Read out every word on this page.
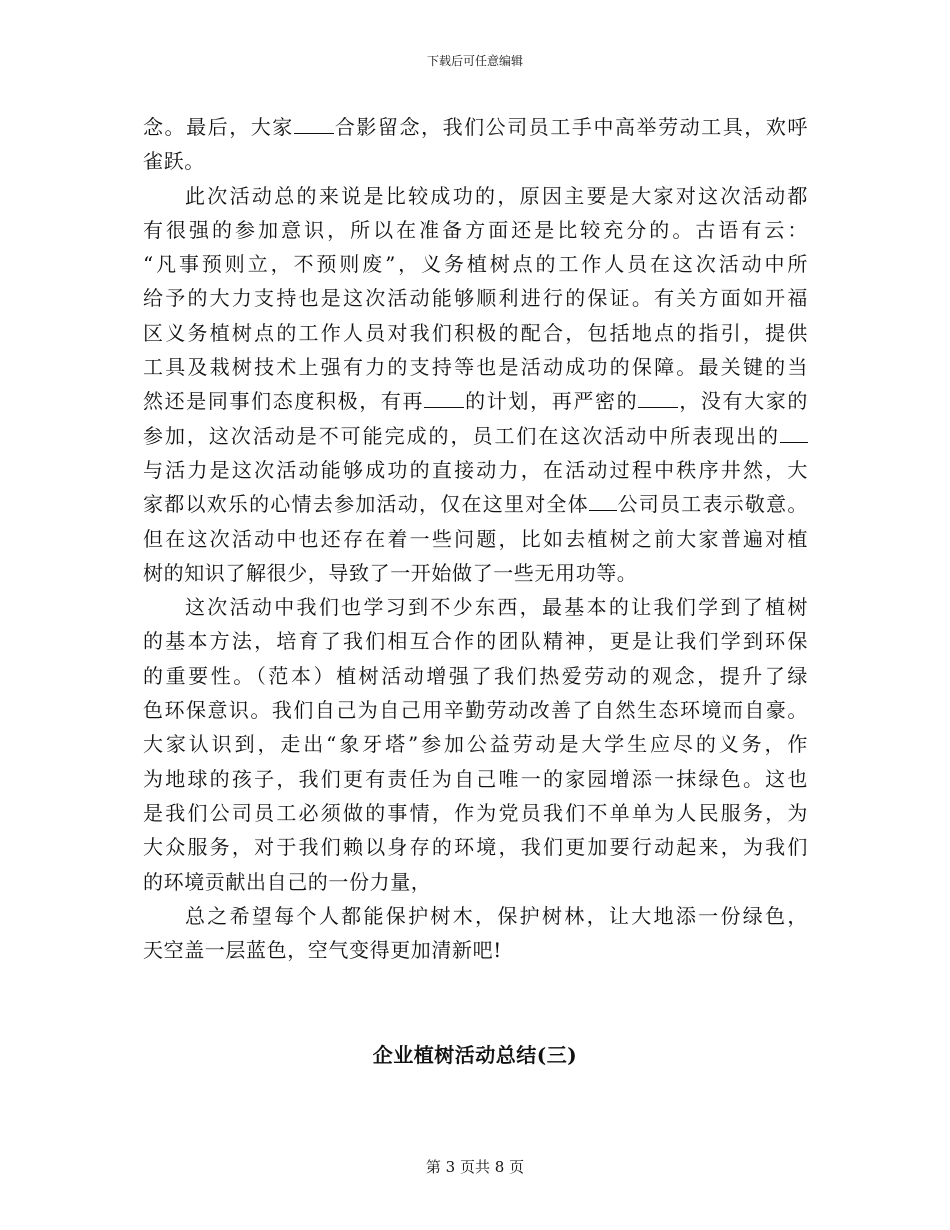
下载后可任意编辑
念。最后，大家 合影留念，我们公司员工手中高举劳动工具，欢呼
雀跃。
此次活动总的来说是比较成功的，原因主要是大家对这次活动都
有很强的参加意识，所以在准备方面还是比较充分的。古语有云：
“凡事预则立，不预则废”，义务植树点的工作人员在这次活动中所
给予的大力支持也是这次活动能够顺利进行的保证。有关方面如开福
区义务植树点的工作人员对我们积极的配合，包括地点的指引，提供
工具及栽树技术上强有力的支持等也是活动成功的保障。最关键的当
然还是同事们态度积极，有再 的计划，再严密的 ，没有大家的
参加，这次活动是不可能完成的，员工们在这次活动中所表现出的
与活力是这次活动能够成功的直接动力，在活动过程中秩序井然，大
家都以欢乐的心情去参加活动，仅在这里对全体 公司员工表示敬意。
但在这次活动中也还存在着一些问题，比如去植树之前大家普遍对植
树的知识了解很少，导致了一开始做了一些无用功等。
这次活动中我们也学习到不少东西，最基本的让我们学到了植树
的基本方法，培育了我们相互合作的团队精神，更是让我们学到环保
的重要性。（范本）植树活动增强了我们热爱劳动的观念，提升了绿
色环保意识。我们自己为自己用辛勤劳动改善了自然生态环境而自豪。
大家认识到，走出“象牙塔”参加公益劳动是大学生应尽的义务，作
为地球的孩子，我们更有责任为自己唯一的家园增添一抹绿色。这也
是我们公司员工必须做的事情，作为党员我们不单单为人民服务，为
大众服务，对于我们赖以身存的环境，我们更加要行动起来，为我们
的环境贡献出自己的一份力量，
总之希望每个人都能保护树木，保护树林，让大地添一份绿色，
天空盖一层蓝色，空气变得更加清新吧!
企业植树活动总结(三)
第 3 页共 8 页
